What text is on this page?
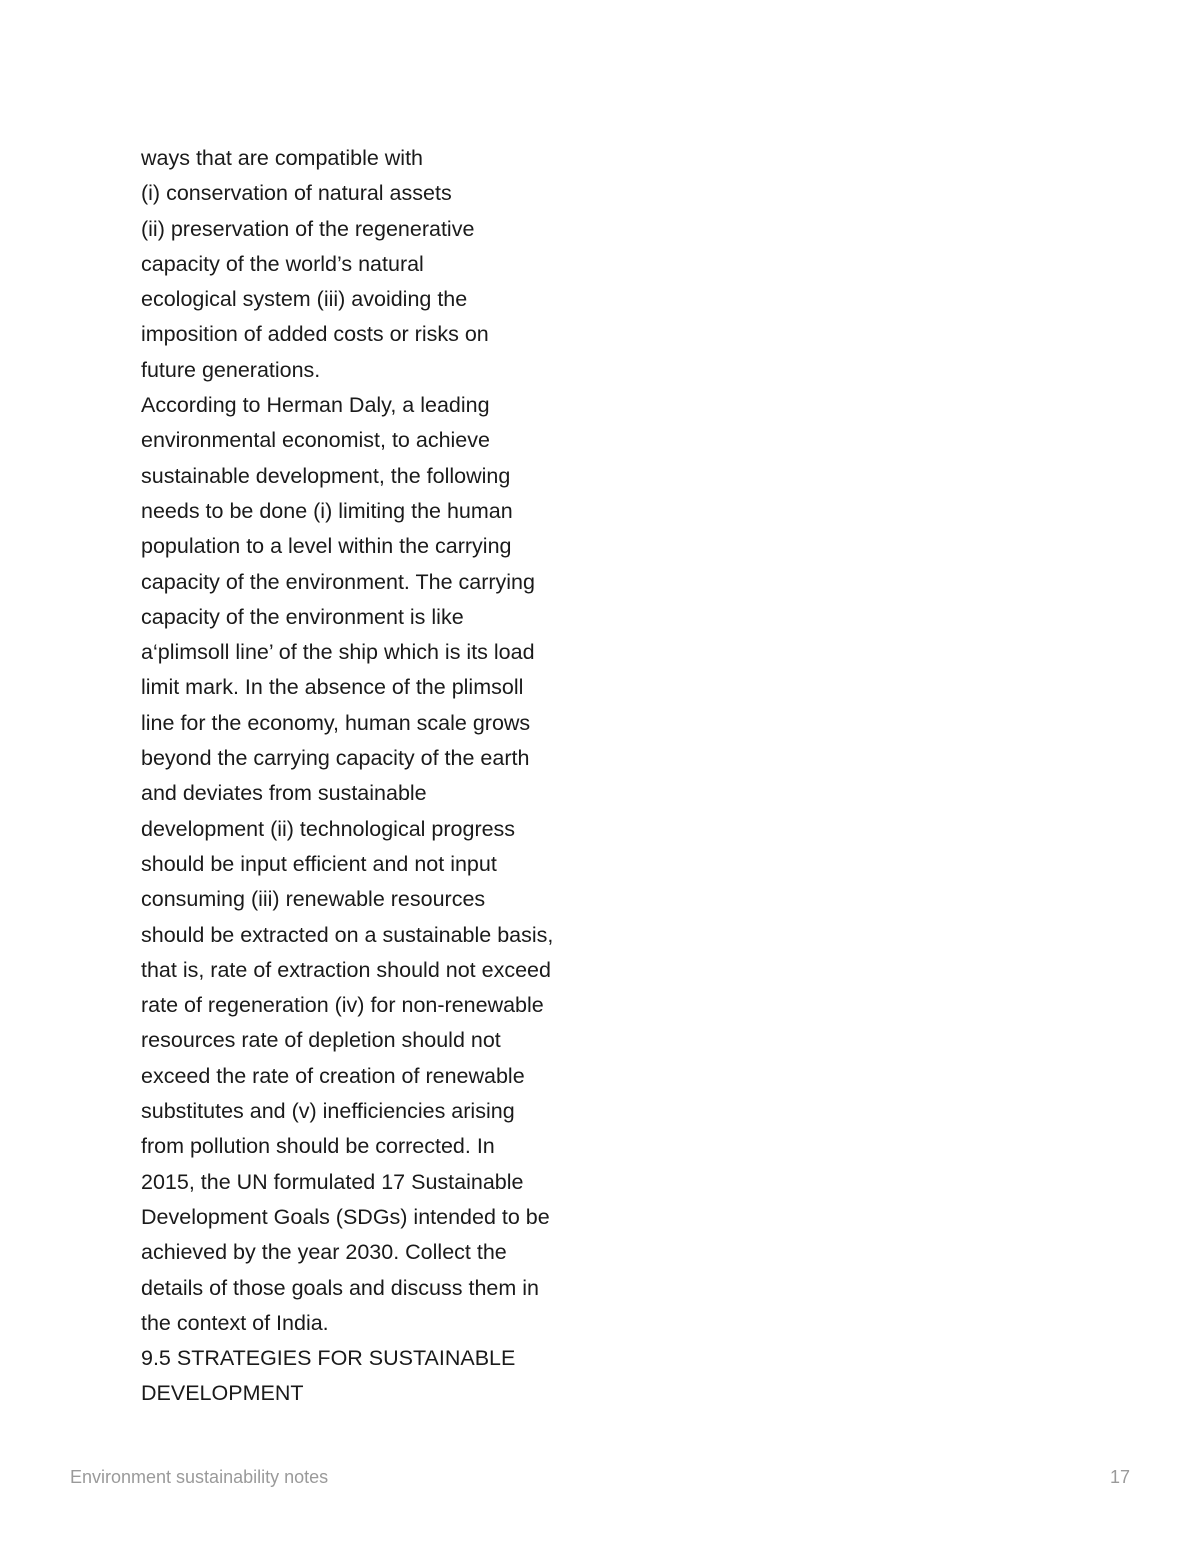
ways that are compatible with
(i) conservation of natural assets
(ii) preservation of the regenerative
capacity of the world’s natural
ecological system (iii) avoiding the
imposition of added costs or risks on
future generations.
According to Herman Daly, a leading
environmental economist, to achieve
sustainable development, the following
needs to be done (i) limiting the human
population to a level within the carrying
capacity of the environment. The carrying
capacity of the environment is like
a‘plimsoll line’ of the ship which is its load
limit mark. In the absence of the plimsoll
line for the economy, human scale grows
beyond the carrying capacity of the earth
and deviates from sustainable
development (ii) technological progress
should be input efficient and not input
consuming (iii) renewable resources
should be extracted on a sustainable basis,
that is, rate of extraction should not exceed
rate of regeneration (iv) for non-renewable
resources rate of depletion should not
exceed the rate of creation of renewable
substitutes and (v) inefficiencies arising
from pollution should be corrected. In
2015, the UN formulated 17 Sustainable
Development Goals (SDGs) intended to be
achieved by the year 2030. Collect the
details of those goals and discuss them in
the context of India.
9.5 STRATEGIES FOR SUSTAINABLE
DEVELOPMENT
Environment sustainability notes	17
